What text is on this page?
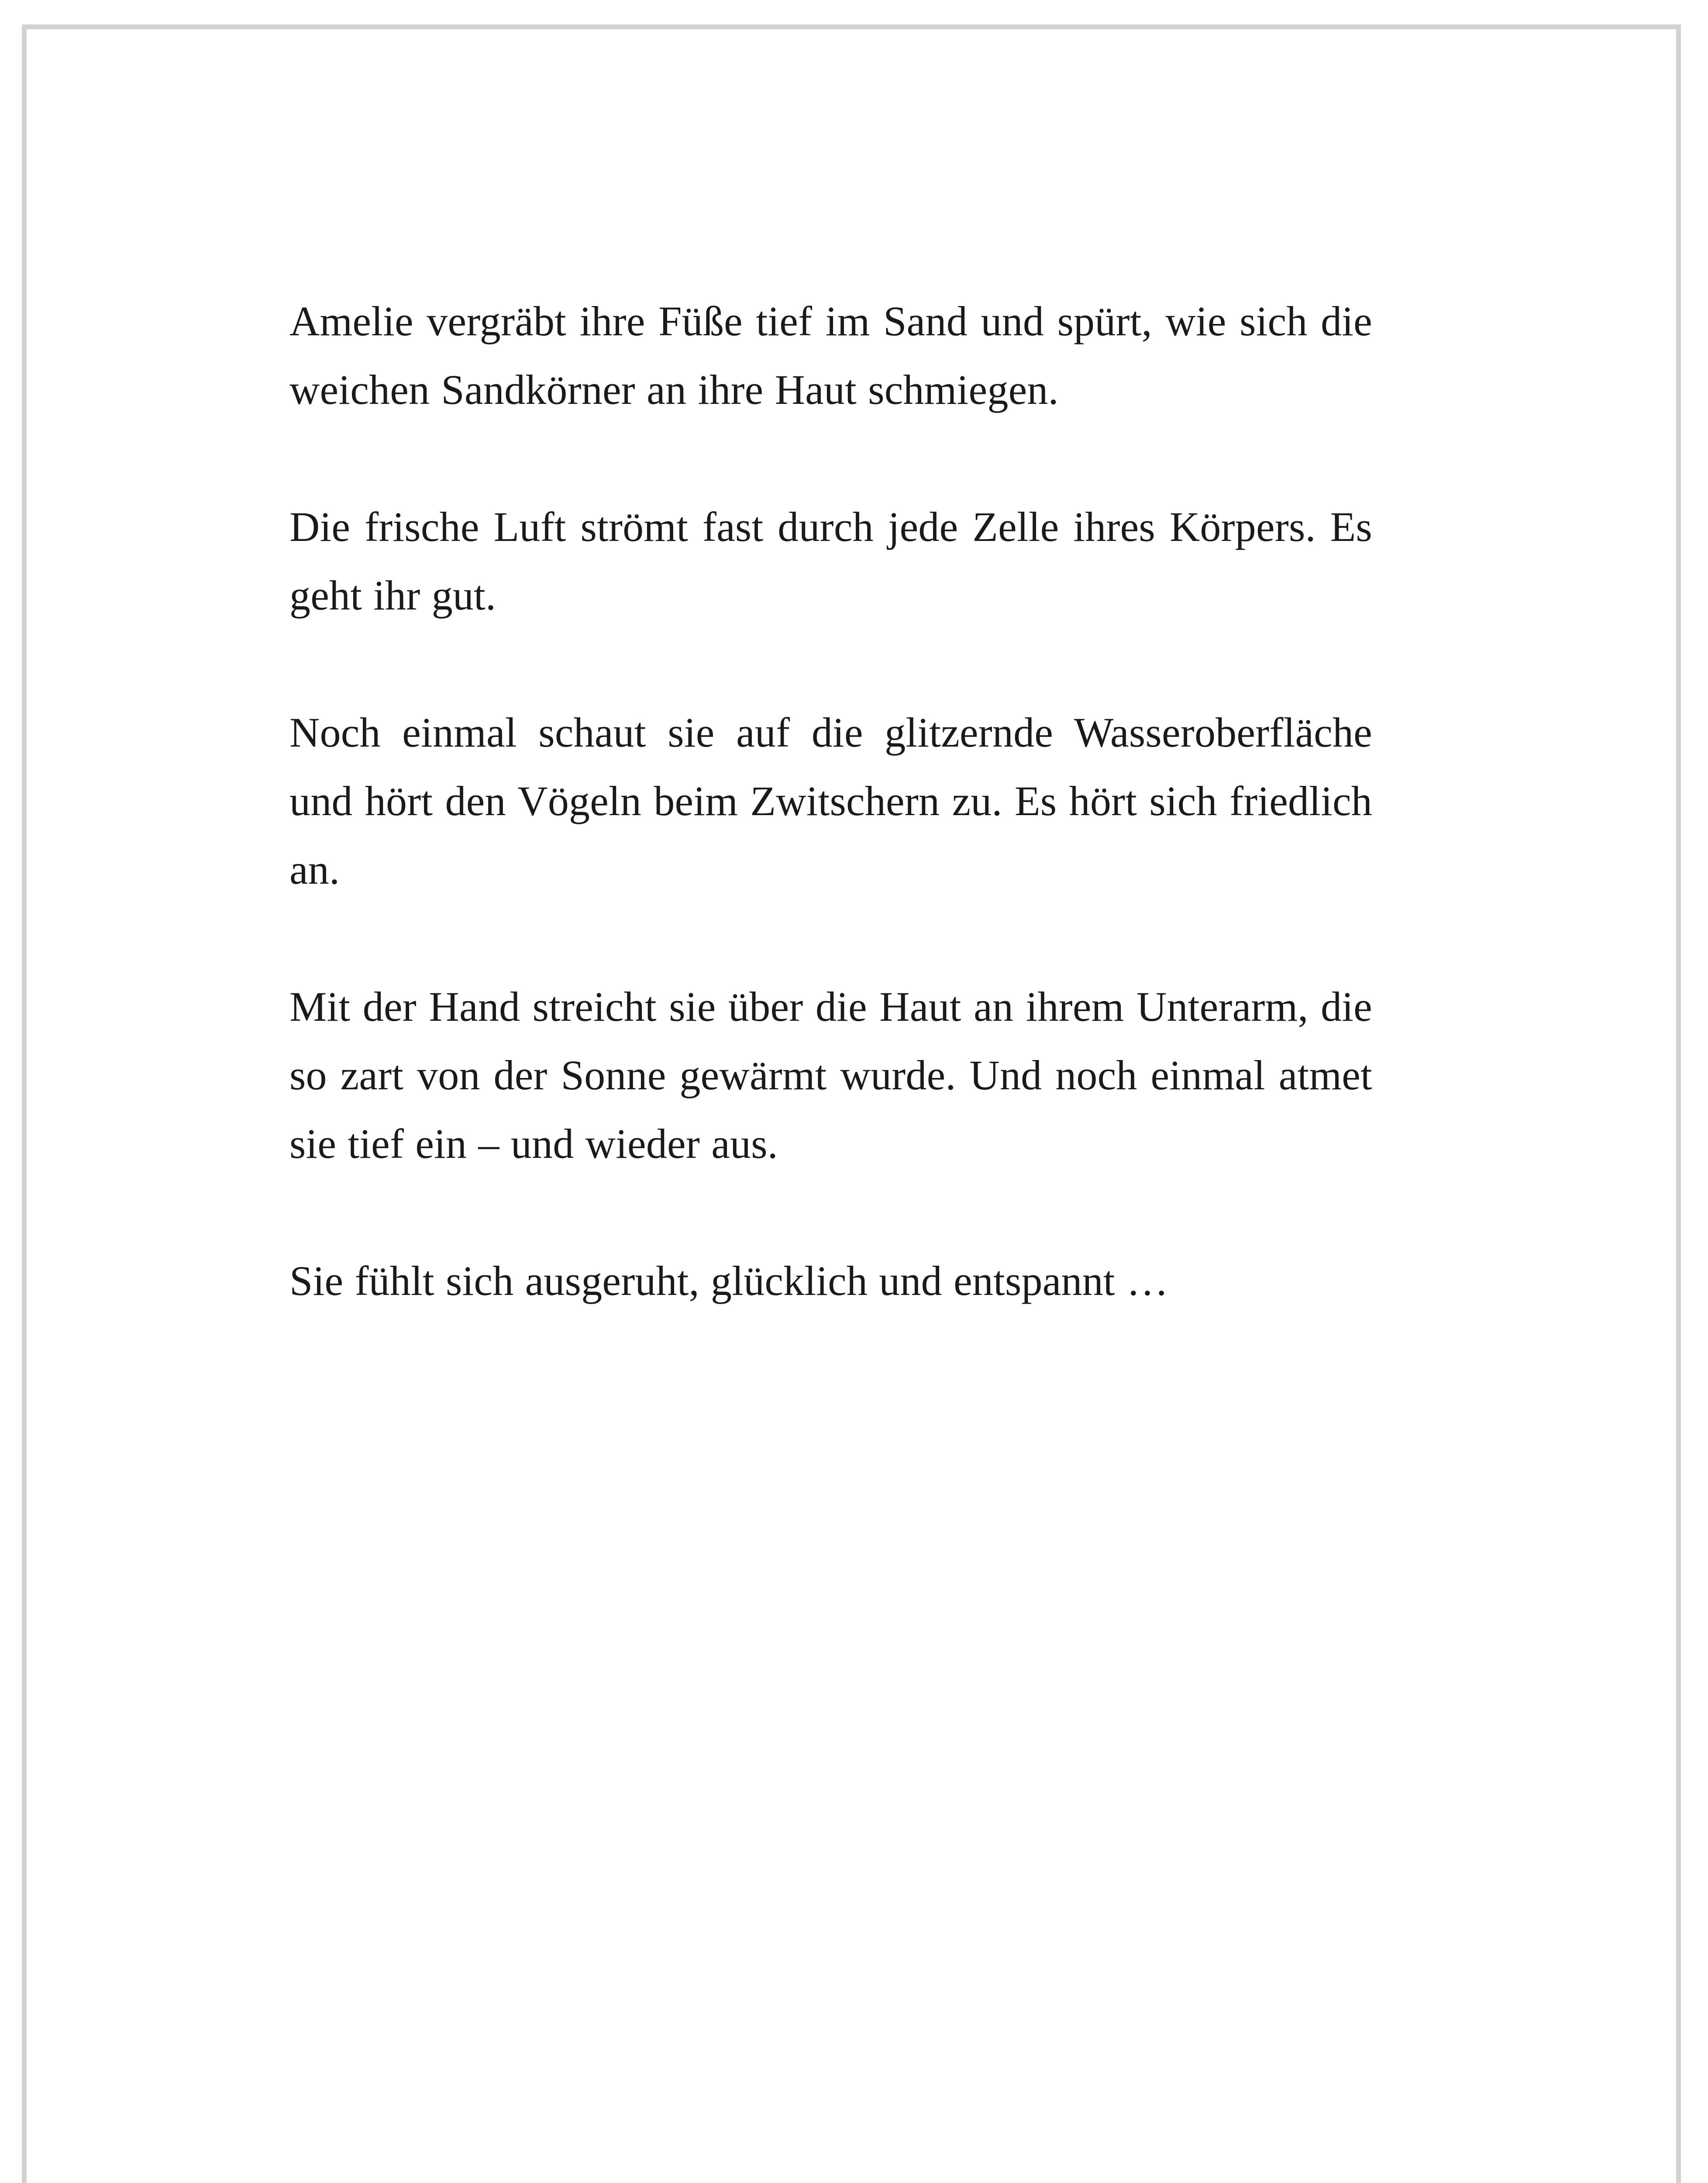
Amelie vergräbt ihre Füße tief im Sand und spürt, wie sich die weichen Sandkörner an ihre Haut schmiegen.

Die frische Luft strömt fast durch jede Zelle ihres Körpers. Es geht ihr gut.

Noch einmal schaut sie auf die glitzernde Wasseroberfläche und hört den Vögeln beim Zwitschern zu. Es hört sich friedlich an.

Mit der Hand streicht sie über die Haut an ihrem Unterarm, die so zart von der Sonne gewärmt wurde. Und noch einmal atmet sie tief ein – und wieder aus.

Sie fühlt sich ausgeruht, glücklich und entspannt …
